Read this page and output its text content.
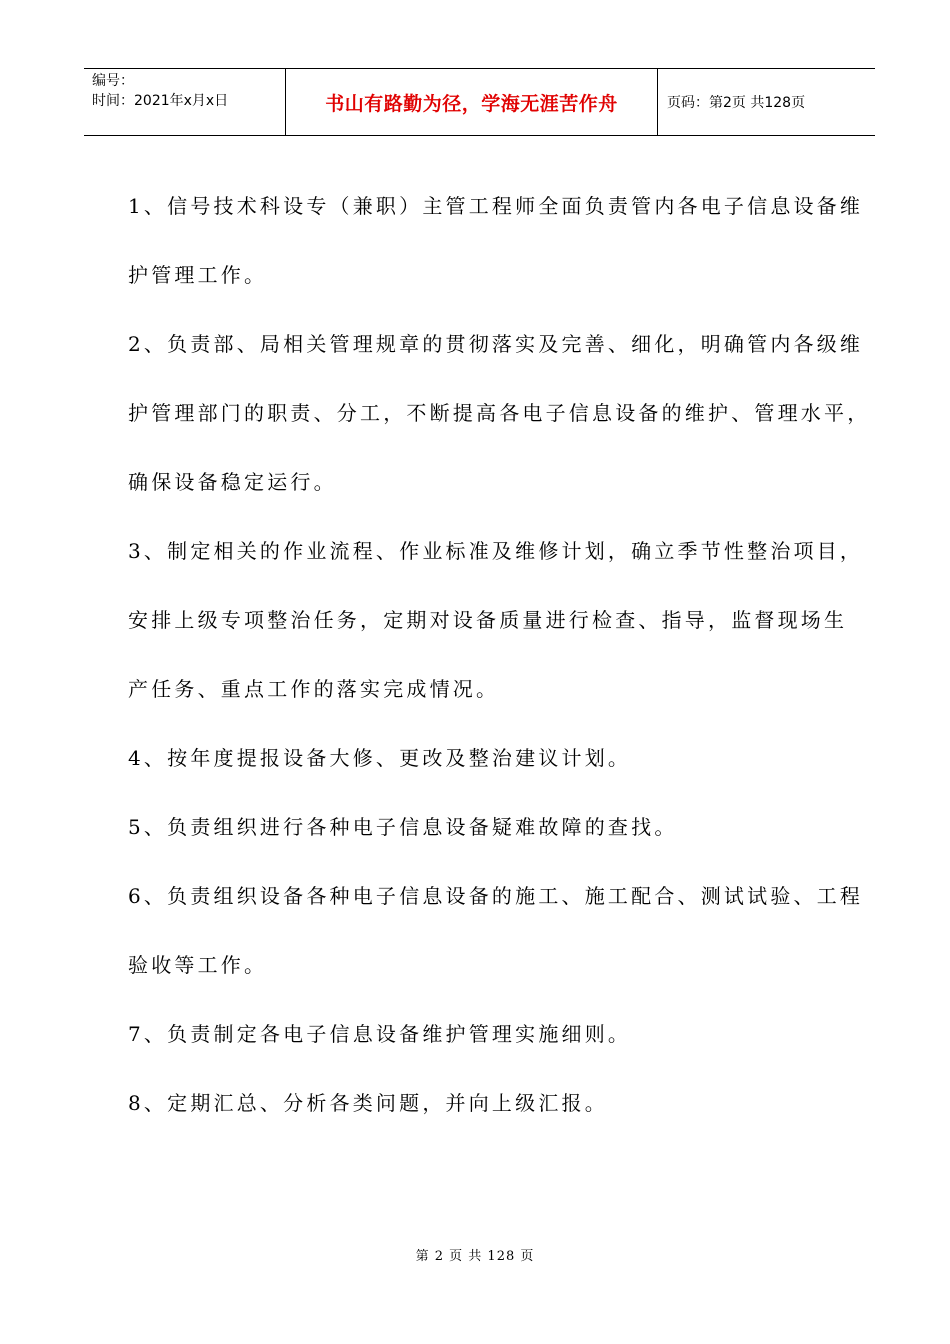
编号：
时间：2021年x月x日	书山有路勤为径，学海无涯苦作舟	页码：第2页 共128页
1、信号技术科设专（兼职）主管工程师全面负责管内各电子信息设备维
护管理工作。
2、负责部、局相关管理规章的贯彻落实及完善、细化，明确管内各级维
护管理部门的职责、分工，不断提高各电子信息设备的维护、管理水平，
确保设备稳定运行。
3、制定相关的作业流程、作业标准及维修计划，确立季节性整治项目，
安排上级专项整治任务，定期对设备质量进行检查、指导，监督现场生
产任务、重点工作的落实完成情况。
4、按年度提报设备大修、更改及整治建议计划。
5、负责组织进行各种电子信息设备疑难故障的查找。
6、负责组织设备各种电子信息设备的施工、施工配合、测试试验、工程
验收等工作。
7、负责制定各电子信息设备维护管理实施细则。
8、定期汇总、分析各类问题，并向上级汇报。
第 2 页 共 128 页
